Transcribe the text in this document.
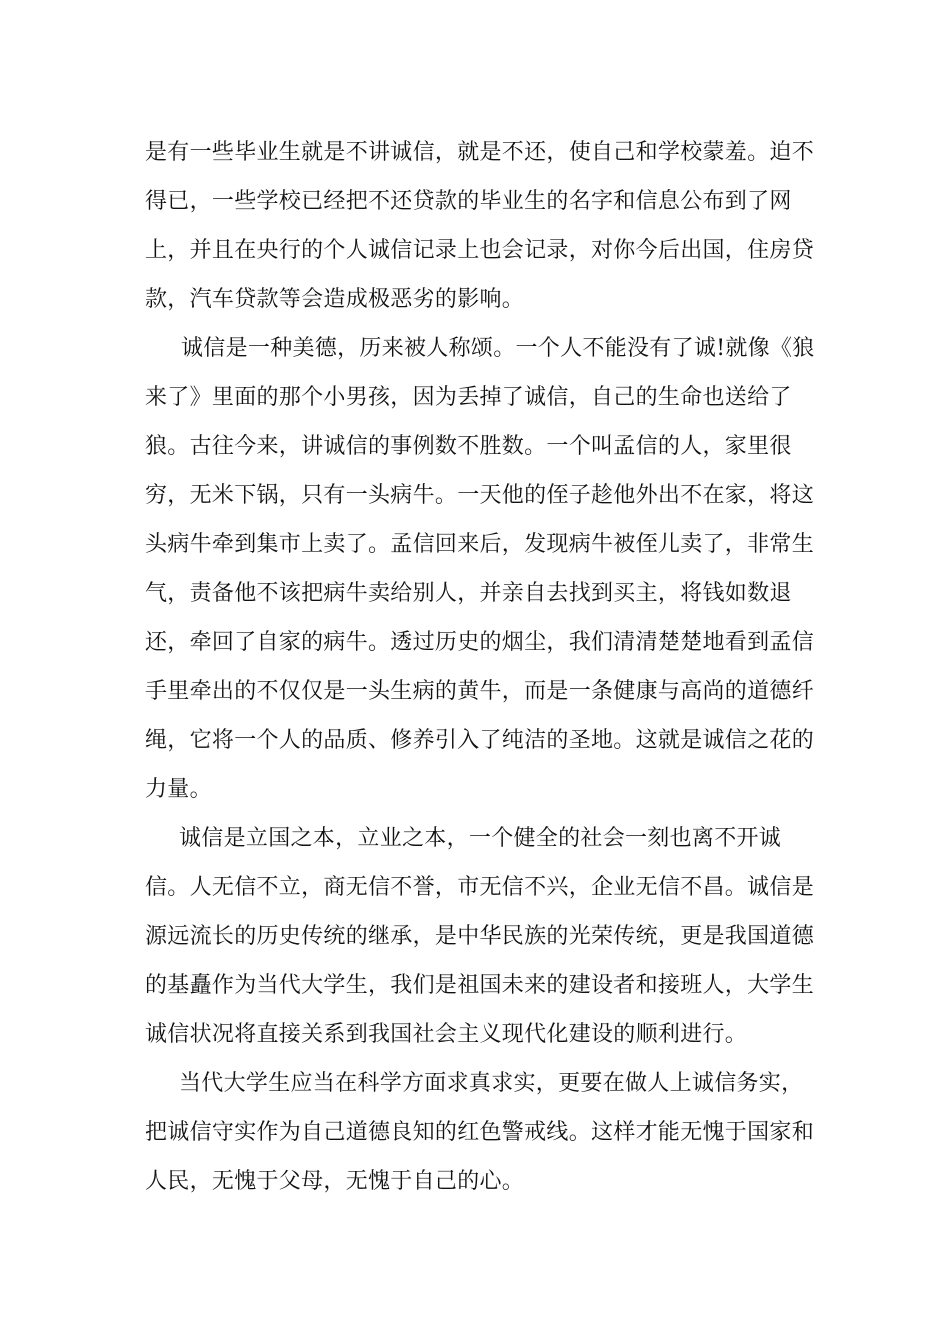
是有一些毕业生就是不讲诚信，就是不还，使自己和学校蒙羞。迫不得已，一些学校已经把不还贷款的毕业生的名字和信息公布到了网上，并且在央行的个人诚信记录上也会记录，对你今后出国，住房贷款，汽车贷款等会造成极恶劣的影响。

诚信是一种美德，历来被人称颂。一个人不能没有了诚!就像《狼来了》里面的那个小男孩，因为丢掉了诚信，自己的生命也送给了狼。古往今来，讲诚信的事例数不胜数。一个叫孟信的人，家里很穷，无米下锅，只有一头病牛。一天他的侄子趁他外出不在家，将这头病牛牵到集市上卖了。孟信回来后，发现病牛被侄儿卖了，非常生气，责备他不该把病牛卖给别人，并亲自去找到买主，将钱如数退还，牵回了自家的病牛。透过历史的烟尘，我们清清楚楚地看到孟信手里牵出的不仅仅是一头生病的黄牛，而是一条健康与高尚的道德纤绳，它将一个人的品质、修养引入了纯洁的圣地。这就是诚信之花的力量。

诚信是立国之本，立业之本，一个健全的社会一刻也离不开诚信。人无信不立，商无信不誉，市无信不兴，企业无信不昌。诚信是源远流长的历史传统的继承，是中华民族的光荣传统，更是我国道德的基矗作为当代大学生，我们是祖国未来的建设者和接班人，大学生诚信状况将直接关系到我国社会主义现代化建设的顺利进行。

当代大学生应当在科学方面求真求实，更要在做人上诚信务实，把诚信守实作为自己道德良知的红色警戒线。这样才能无愧于国家和人民，无愧于父母，无愧于自己的心。
